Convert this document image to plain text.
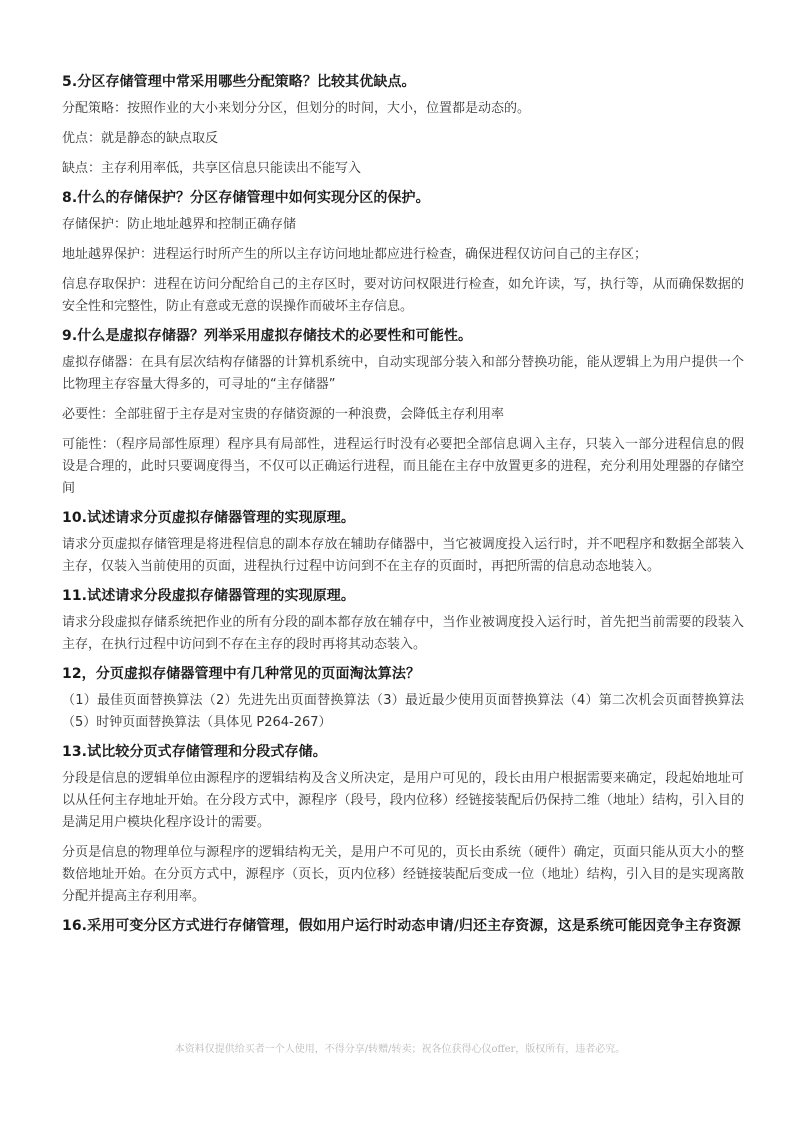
5.分区存储管理中常采用哪些分配策略？比较其优缺点。

分配策略：按照作业的大小来划分分区，但划分的时间，大小，位置都是动态的。

优点：就是静态的缺点取反

缺点：主存利用率低，共享区信息只能读出不能写入

8.什么的存储保护？分区存储管理中如何实现分区的保护。

存储保护：防止地址越界和控制正确存储

地址越界保护：进程运行时所产生的所以主存访问地址都应进行检查，确保进程仅访问自己的主存区；

信息存取保护：进程在访问分配给自己的主存区时，要对访问权限进行检查，如允许读，写，执行等，从而确保数据的安全性和完整性，防止有意或无意的误操作而破坏主存信息。

9.什么是虚拟存储器？列举采用虚拟存储技术的必要性和可能性。

虚拟存储器：在具有层次结构存储器的计算机系统中，自动实现部分装入和部分替换功能，能从逻辑上为用户提供一个比物理主存容量大得多的，可寻址的“主存储器”

必要性：全部驻留于主存是对宝贵的存储资源的一种浪费，会降低主存利用率

可能性：（程序局部性原理）程序具有局部性，进程运行时没有必要把全部信息调入主存，只装入一部分进程信息的假设是合理的，此时只要调度得当，不仅可以正确运行进程，而且能在主存中放置更多的进程，充分利用处理器的存储空间

10.试述请求分页虚拟存储器管理的实现原理。

请求分页虚拟存储管理是将进程信息的副本存放在辅助存储器中，当它被调度投入运行时，并不吧程序和数据全部装入主存，仅装入当前使用的页面，进程执行过程中访问到不在主存的页面时，再把所需的信息动态地装入。

11.试述请求分段虚拟存储器管理的实现原理。

请求分段虚拟存储系统把作业的所有分段的副本都存放在辅存中，当作业被调度投入运行时，首先把当前需要的段装入主存，在执行过程中访问到不存在主存的段时再将其动态装入。

12，分页虚拟存储器管理中有几种常见的页面淘汰算法？

（1）最佳页面替换算法（2）先进先出页面替换算法（3）最近最少使用页面替换算法（4）第二次机会页面替换算法（5）时钟页面替换算法（具体见 P264-267）

13.试比较分页式存储管理和分段式存储。

分段是信息的逻辑单位由源程序的逻辑结构及含义所决定，是用户可见的，段长由用户根据需要来确定，段起始地址可以从任何主存地址开始。在分段方式中，源程序（段号，段内位移）经链接装配后仍保持二维（地址）结构，引入目的是满足用户模块化程序设计的需要。

分页是信息的物理单位与源程序的逻辑结构无关，是用户不可见的，页长由系统（硬件）确定，页面只能从页大小的整数倍地址开始。在分页方式中，源程序（页长，页内位移）经链接装配后变成一位（地址）结构，引入目的是实现离散分配并提高主存利用率。

16.采用可变分区方式进行存储管理，假如用户运行时动态申请/归还主存资源，这是系统可能因竞争主存资源
本资料仅提供给买者一个人使用，不得分享/转赠/转卖；祝各位获得心仪offer，版权所有，违者必究。
